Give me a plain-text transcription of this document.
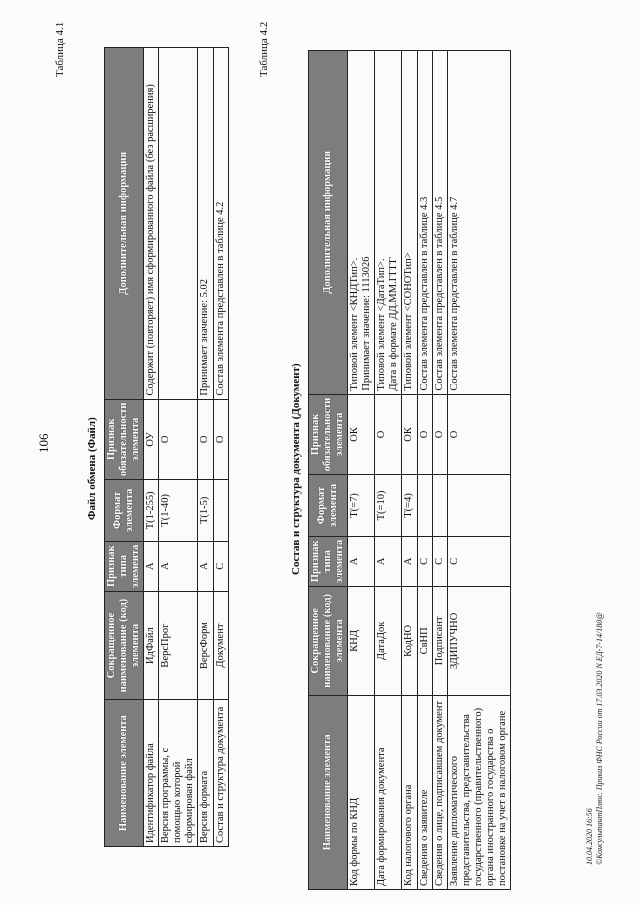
106
Таблица 4.1
Файл обмена (Файл)
Наименование элемента	Сокращенное наименование (код) элемента	Признак типа элемента	Формат элемента	Признак обязательности элемента	Дополнительная информация
Идентификатор файла	ИдФайл	А	Т(1-255)	ОУ	Содержит (повторяет) имя сформированного файла (без расширения)
Версия программы, с помощью которой сформирован файл	ВерсПрог	А	Т(1-40)	О	
Версия формата	ВерсФорм	А	Т(1-5)	О	Принимает значение: 5.02
Состав и структура документа	Документ	С		О	Состав элемента представлен в таблице 4.2
Таблица 4.2
Состав и структура документа (Документ)
Наименование элемента	Сокращенное наименование (код) элемента	Признак типа элемента	Формат элемента	Признак обязательности элемента	Дополнительная информация
Код формы по КНД	КНД	А	Т(=7)	ОК	Типовой элемент <КНДТип>.
Принимает значение: 1113026
Дата формирования документа	ДатаДок	А	Т(=10)	О	Типовой элемент <ДатаТип>.
Дата в формате ДД.ММ.ГГГГ
Код налогового органа	КодНО	А	Т(=4)	ОК	Типовой элемент <СОНОТип>
Сведения о заявителе	СвНП	С		О	Состав элемента представлен в таблице 4.3
Сведения о лице, подписавшем документ	Подписант	С		О	Состав элемента представлен в таблице 4.5
Заявление дипломатического представительства, представительства государственного (правительственного) органа иностранного государства о постановке на учет в налоговом органе	ЗДИПУЧНО	С		О	Состав элемента представлен в таблице 4.7
10.04.2020 16:56 ©КонсультантПлюс. Приказ ФНС России от 17.03.2020 N ЕД-7-14/180@
